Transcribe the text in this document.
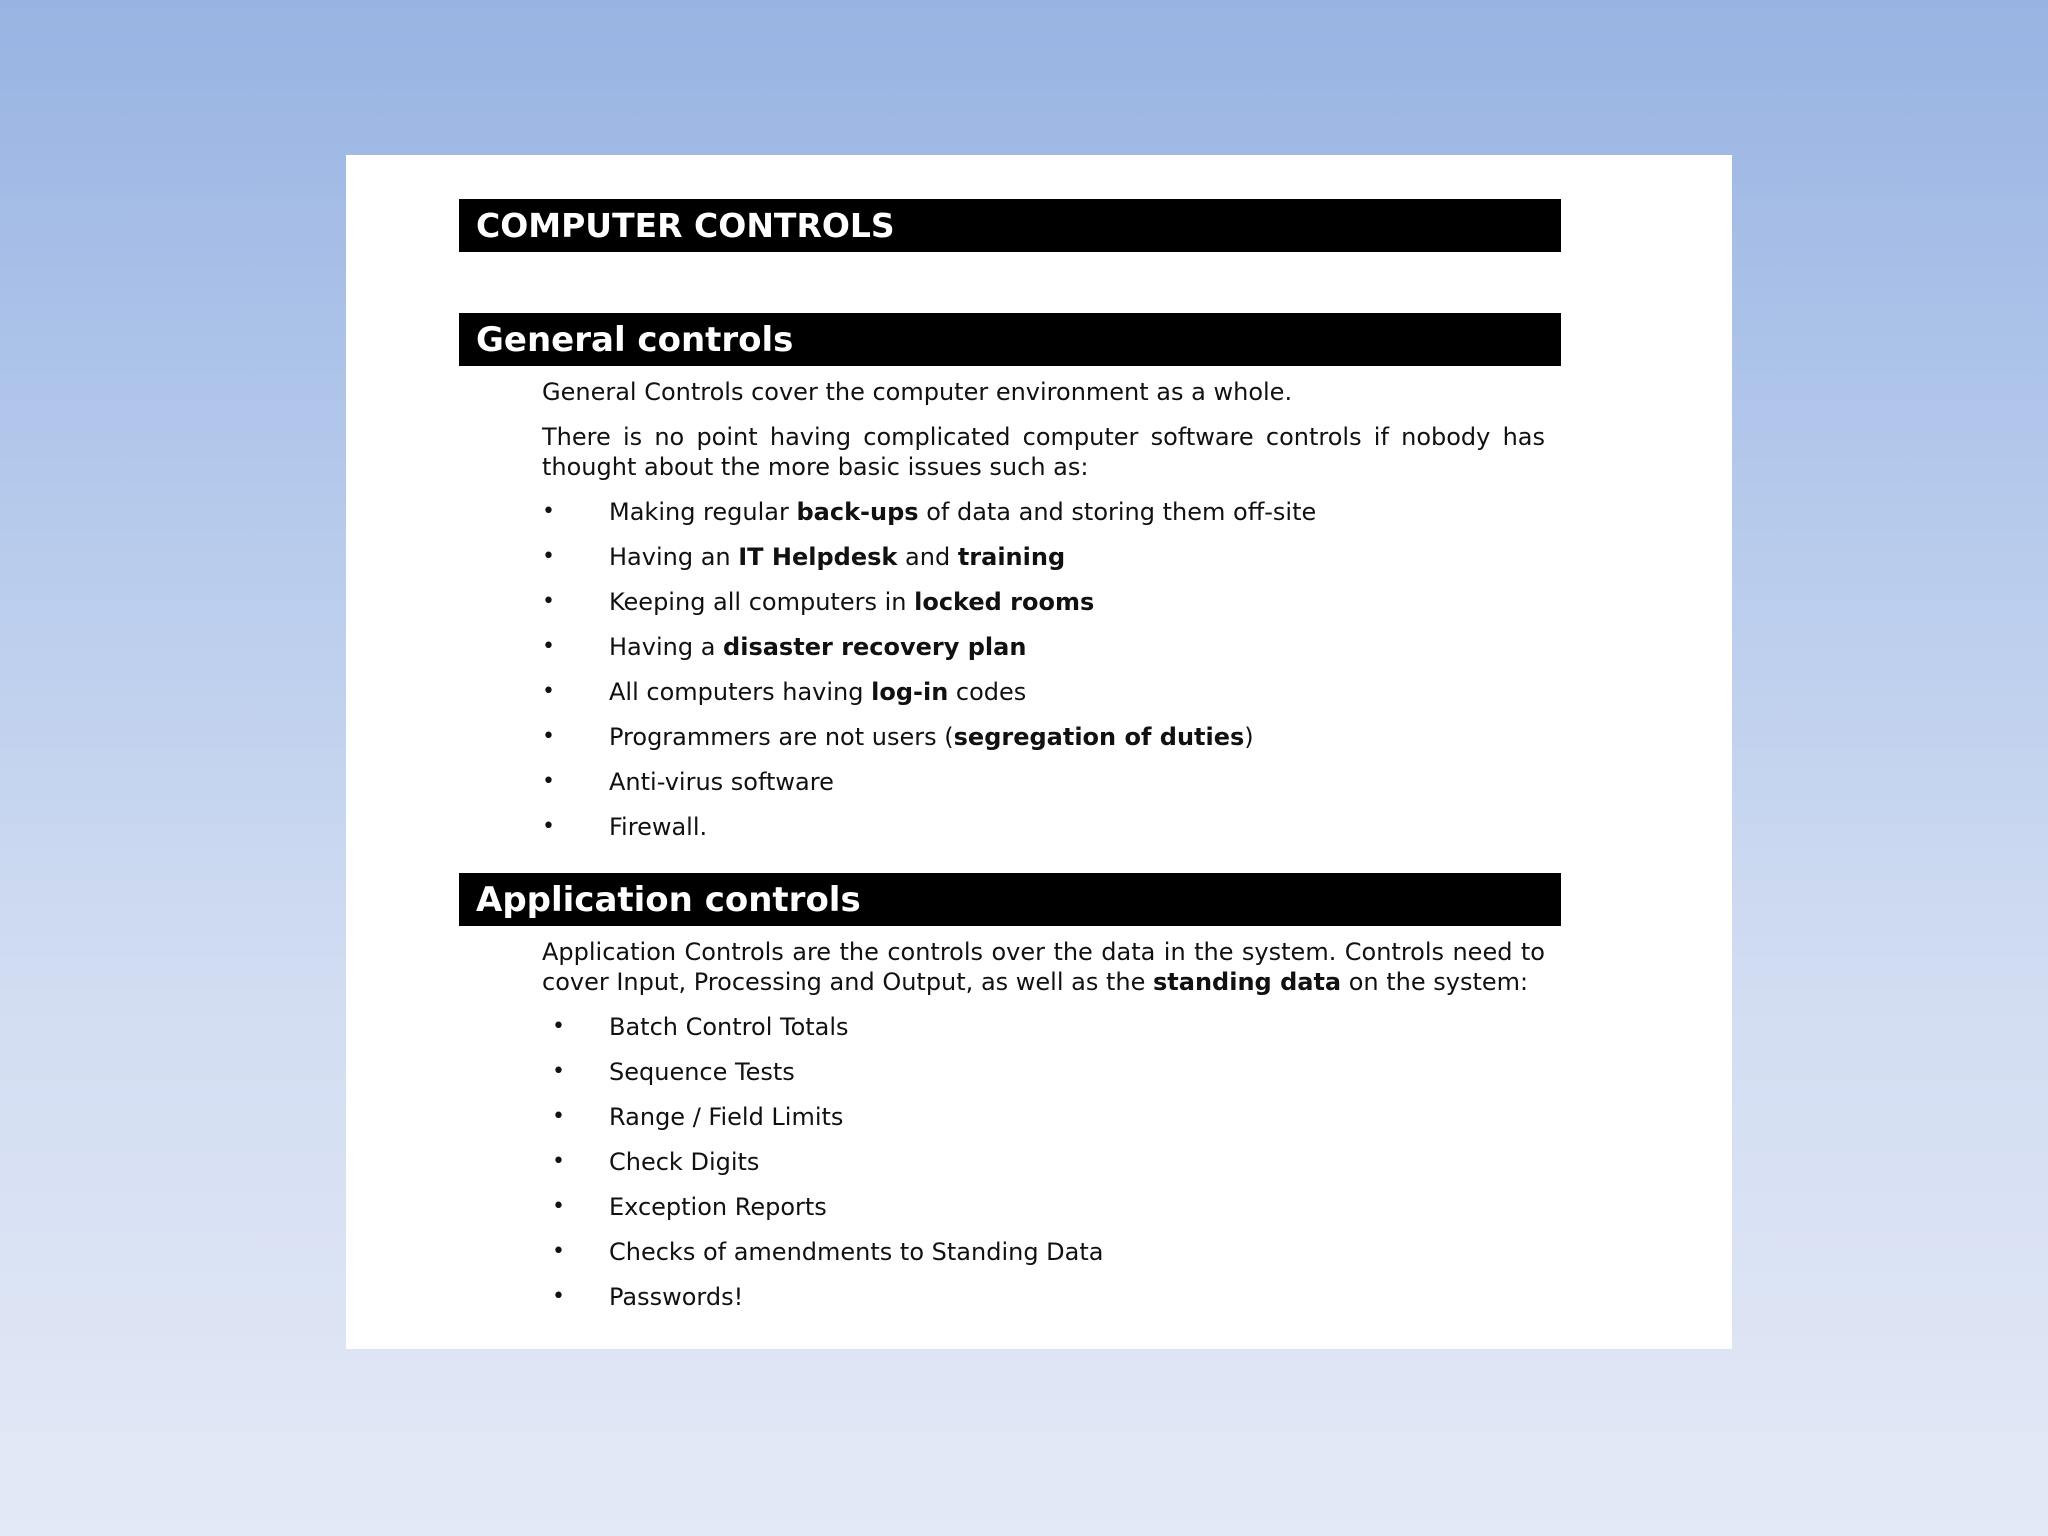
COMPUTER CONTROLS
General controls

General Controls cover the computer environment as a whole.

There is no point having complicated computer software controls if nobody has
thought about the more basic issues such as:

• Making regular back-ups of data and storing them off-site
• Having an IT Helpdesk and training
• Keeping all computers in locked rooms
• Having a disaster recovery plan
• All computers having log-in codes
• Programmers are not users (segregation of duties)
• Anti-virus software
• Firewall.
Application controls

Application Controls are the controls over the data in the system. Controls need to
cover Input, Processing and Output, as well as the standing data on the system:

• Batch Control Totals
• Sequence Tests
• Range / Field Limits
• Check Digits
• Exception Reports
• Checks of amendments to Standing Data
• Passwords!
